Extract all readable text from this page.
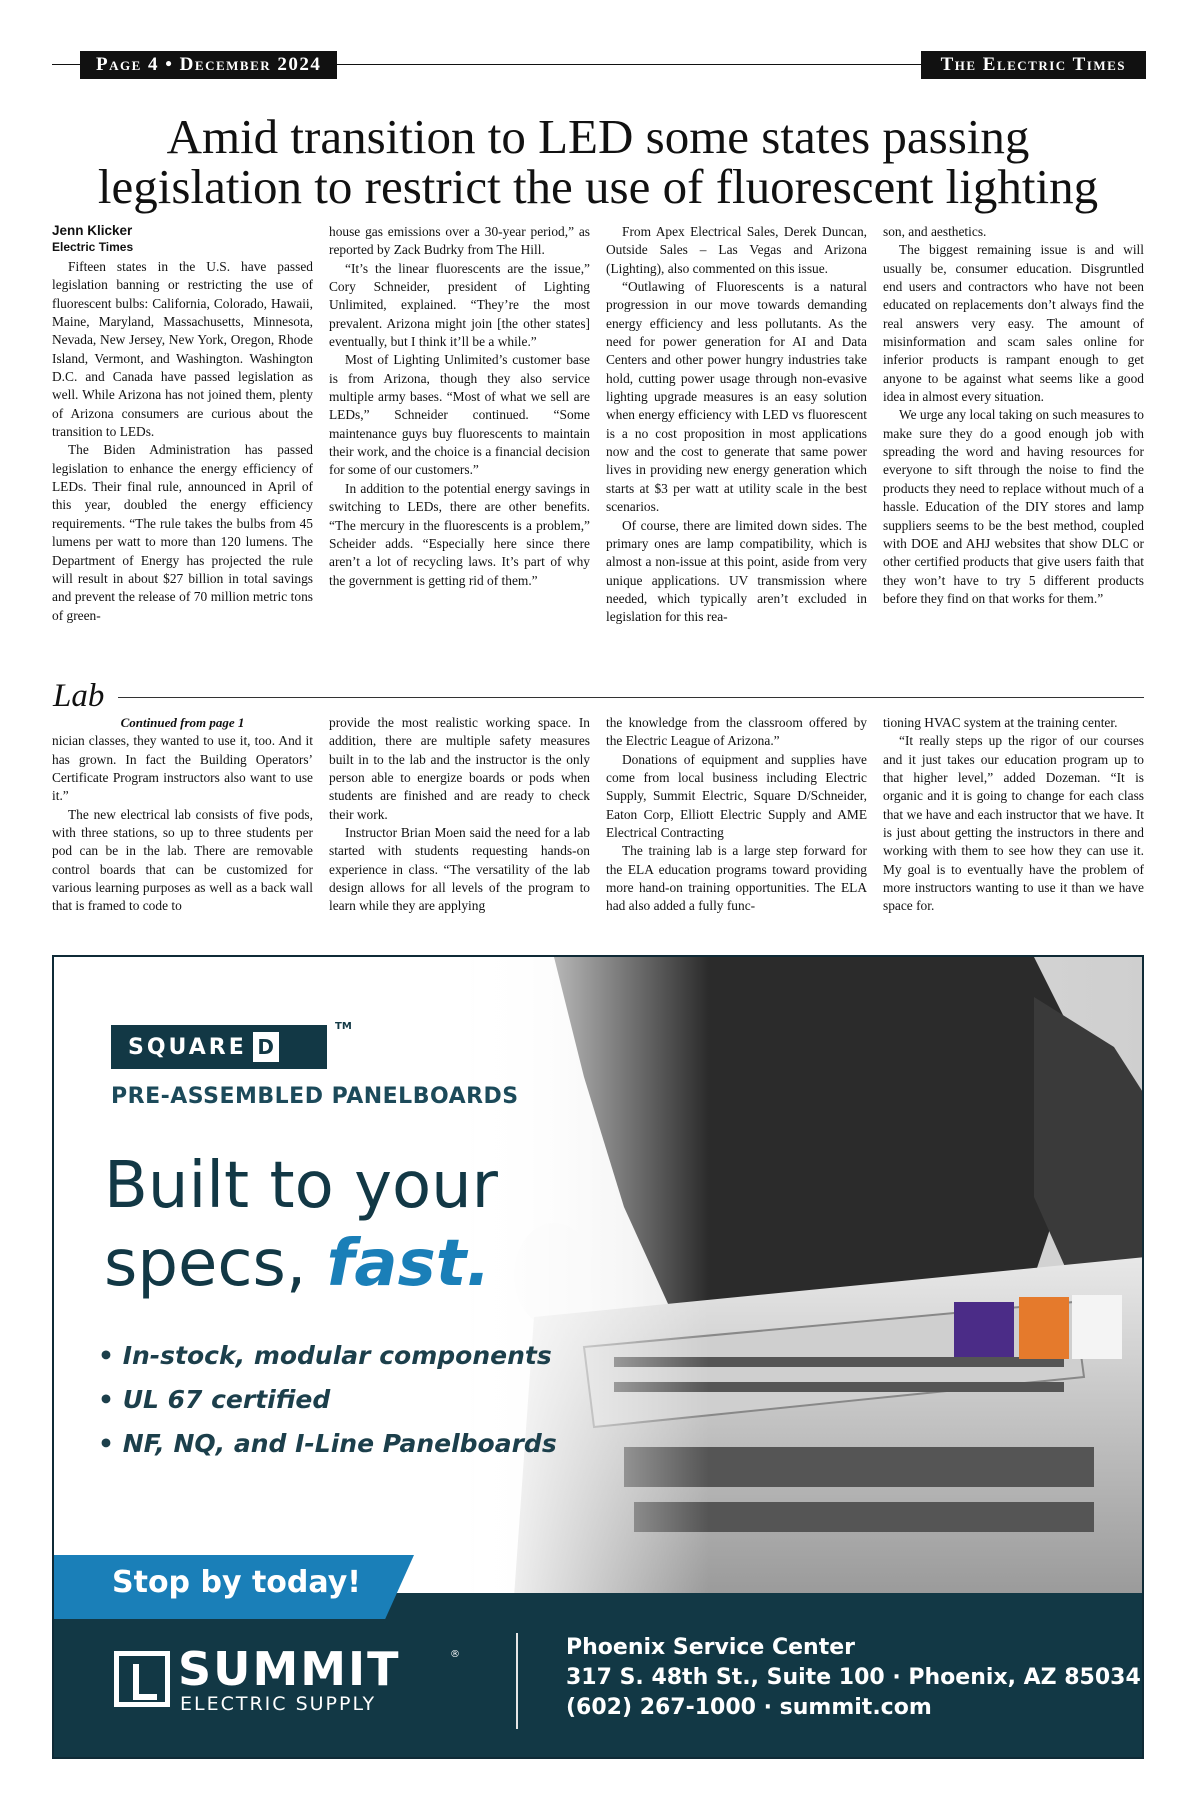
Page 4 • December 2024	The Electric Times
Amid transition to LED some states passing
legislation to restrict the use of fluorescent lighting
Jenn Klicker
Electric Times

Fifteen states in the U.S. have passed legislation banning or restricting the use of fluorescent bulbs: California, Colorado, Hawaii, Maine, Maryland, Massachusetts, Minnesota, Nevada, New Jersey, New York, Oregon, Rhode Island, Vermont, and Washington. Washington D.C. and Canada have passed legislation as well. While Arizona has not joined them, plenty of Arizona consumers are curious about the transition to LEDs.

The Biden Administration has passed legislation to enhance the energy efficiency of LEDs. Their final rule, announced in April of this year, doubled the energy efficiency requirements. “The rule takes the bulbs from 45 lumens per watt to more than 120 lumens. The Department of Energy has projected the rule will result in about $27 billion in total savings and prevent the release of 70 million metric tons of green-

house gas emissions over a 30-year period,” as reported by Zack Budrky from The Hill.

“It’s the linear fluorescents are the issue,” Cory Schneider, president of Lighting Unlimited, explained. “They’re the most prevalent. Arizona might join [the other states] eventually, but I think it’ll be a while.”

Most of Lighting Unlimited’s customer base is from Arizona, though they also service multiple army bases. “Most of what we sell are LEDs,” Schneider continued. “Some maintenance guys buy fluorescents to maintain their work, and the choice is a financial decision for some of our customers.”

In addition to the potential energy savings in switching to LEDs, there are other benefits. “The mercury in the fluorescents is a problem,” Scheider adds. “Especially here since there aren’t a lot of recycling laws. It’s part of why the government is getting rid of them.”

From Apex Electrical Sales, Derek Duncan, Outside Sales – Las Vegas and Arizona (Lighting), also commented on this issue.

“Outlawing of Fluorescents is a natural progression in our move towards demanding energy efficiency and less pollutants. As the need for power generation for AI and Data Centers and other power hungry industries take hold, cutting power usage through non-evasive lighting upgrade measures is an easy solution when energy efficiency with LED vs fluorescent is a no cost proposition in most applications now and the cost to generate that same power lives in providing new energy generation which starts at $3 per watt at utility scale in the best scenarios.

Of course, there are limited down sides. The primary ones are lamp compatibility, which is almost a non-issue at this point, aside from very unique applications. UV transmission where needed, which typically aren’t excluded in legislation for this rea-

son, and aesthetics.

The biggest remaining issue is and will usually be, consumer education. Disgruntled end users and contractors who have not been educated on replacements don’t always find the real answers very easy. The amount of misinformation and scam sales online for inferior products is rampant enough to get anyone to be against what seems like a good idea in almost every situation.

We urge any local taking on such measures to make sure they do a good enough job with spreading the word and having resources for everyone to sift through the noise to find the products they need to replace without much of a hassle. Education of the DIY stores and lamp suppliers seems to be the best method, coupled with DOE and AHJ websites that show DLC or other certified products that give users faith that they won’t have to try 5 different products before they find on that works for them.”

Lab
Continued from page 1

nician classes, they wanted to use it, too. And it has grown. In fact the Building Operators’ Certificate Program instructors also want to use it.”

The new electrical lab consists of five pods, with three stations, so up to three students per pod can be in the lab. There are removable control boards that can be customized for various learning purposes as well as a back wall that is framed to code to

provide the most realistic working space. In addition, there are multiple safety measures built in to the lab and the instructor is the only person able to energize boards or pods when students are finished and are ready to check their work.

Instructor Brian Moen said the need for a lab started with students requesting hands-on experience in class. “The versatility of the lab design allows for all levels of the program to learn while they are applying

the knowledge from the classroom offered by the Electric League of Arizona.”

Donations of equipment and supplies have come from local business including Electric Supply, Summit Electric, Square D/Schneider, Eaton Corp, Elliott Electric Supply and AME Electrical Contracting

The training lab is a large step forward for the ELA education programs toward providing more hand-on training opportunities. The ELA had also added a fully func-

tioning HVAC system at the training center.

“It really steps up the rigor of our courses and it just takes our education program up to that higher level,” added Dozeman. “It is organic and it is going to change for each class that we have and each instructor that we have. It is just about getting the instructors in there and working with them to see how they can use it. My goal is to eventually have the problem of more instructors wanting to use it than we have space for.

SQUARE D
TM
PRE-ASSEMBLED PANELBOARDS
Built to your
specs, fast.
• In-stock, modular components
• UL 67 certified
• NF, NQ, and I-Line Panelboards
SUMMIT	®
ELECTRIC SUPPLY
Phoenix Service Center
317 S. 48th St., Suite 100 · Phoenix, AZ 85034
(602) 267-1000 · summit.com
Stop by today!
